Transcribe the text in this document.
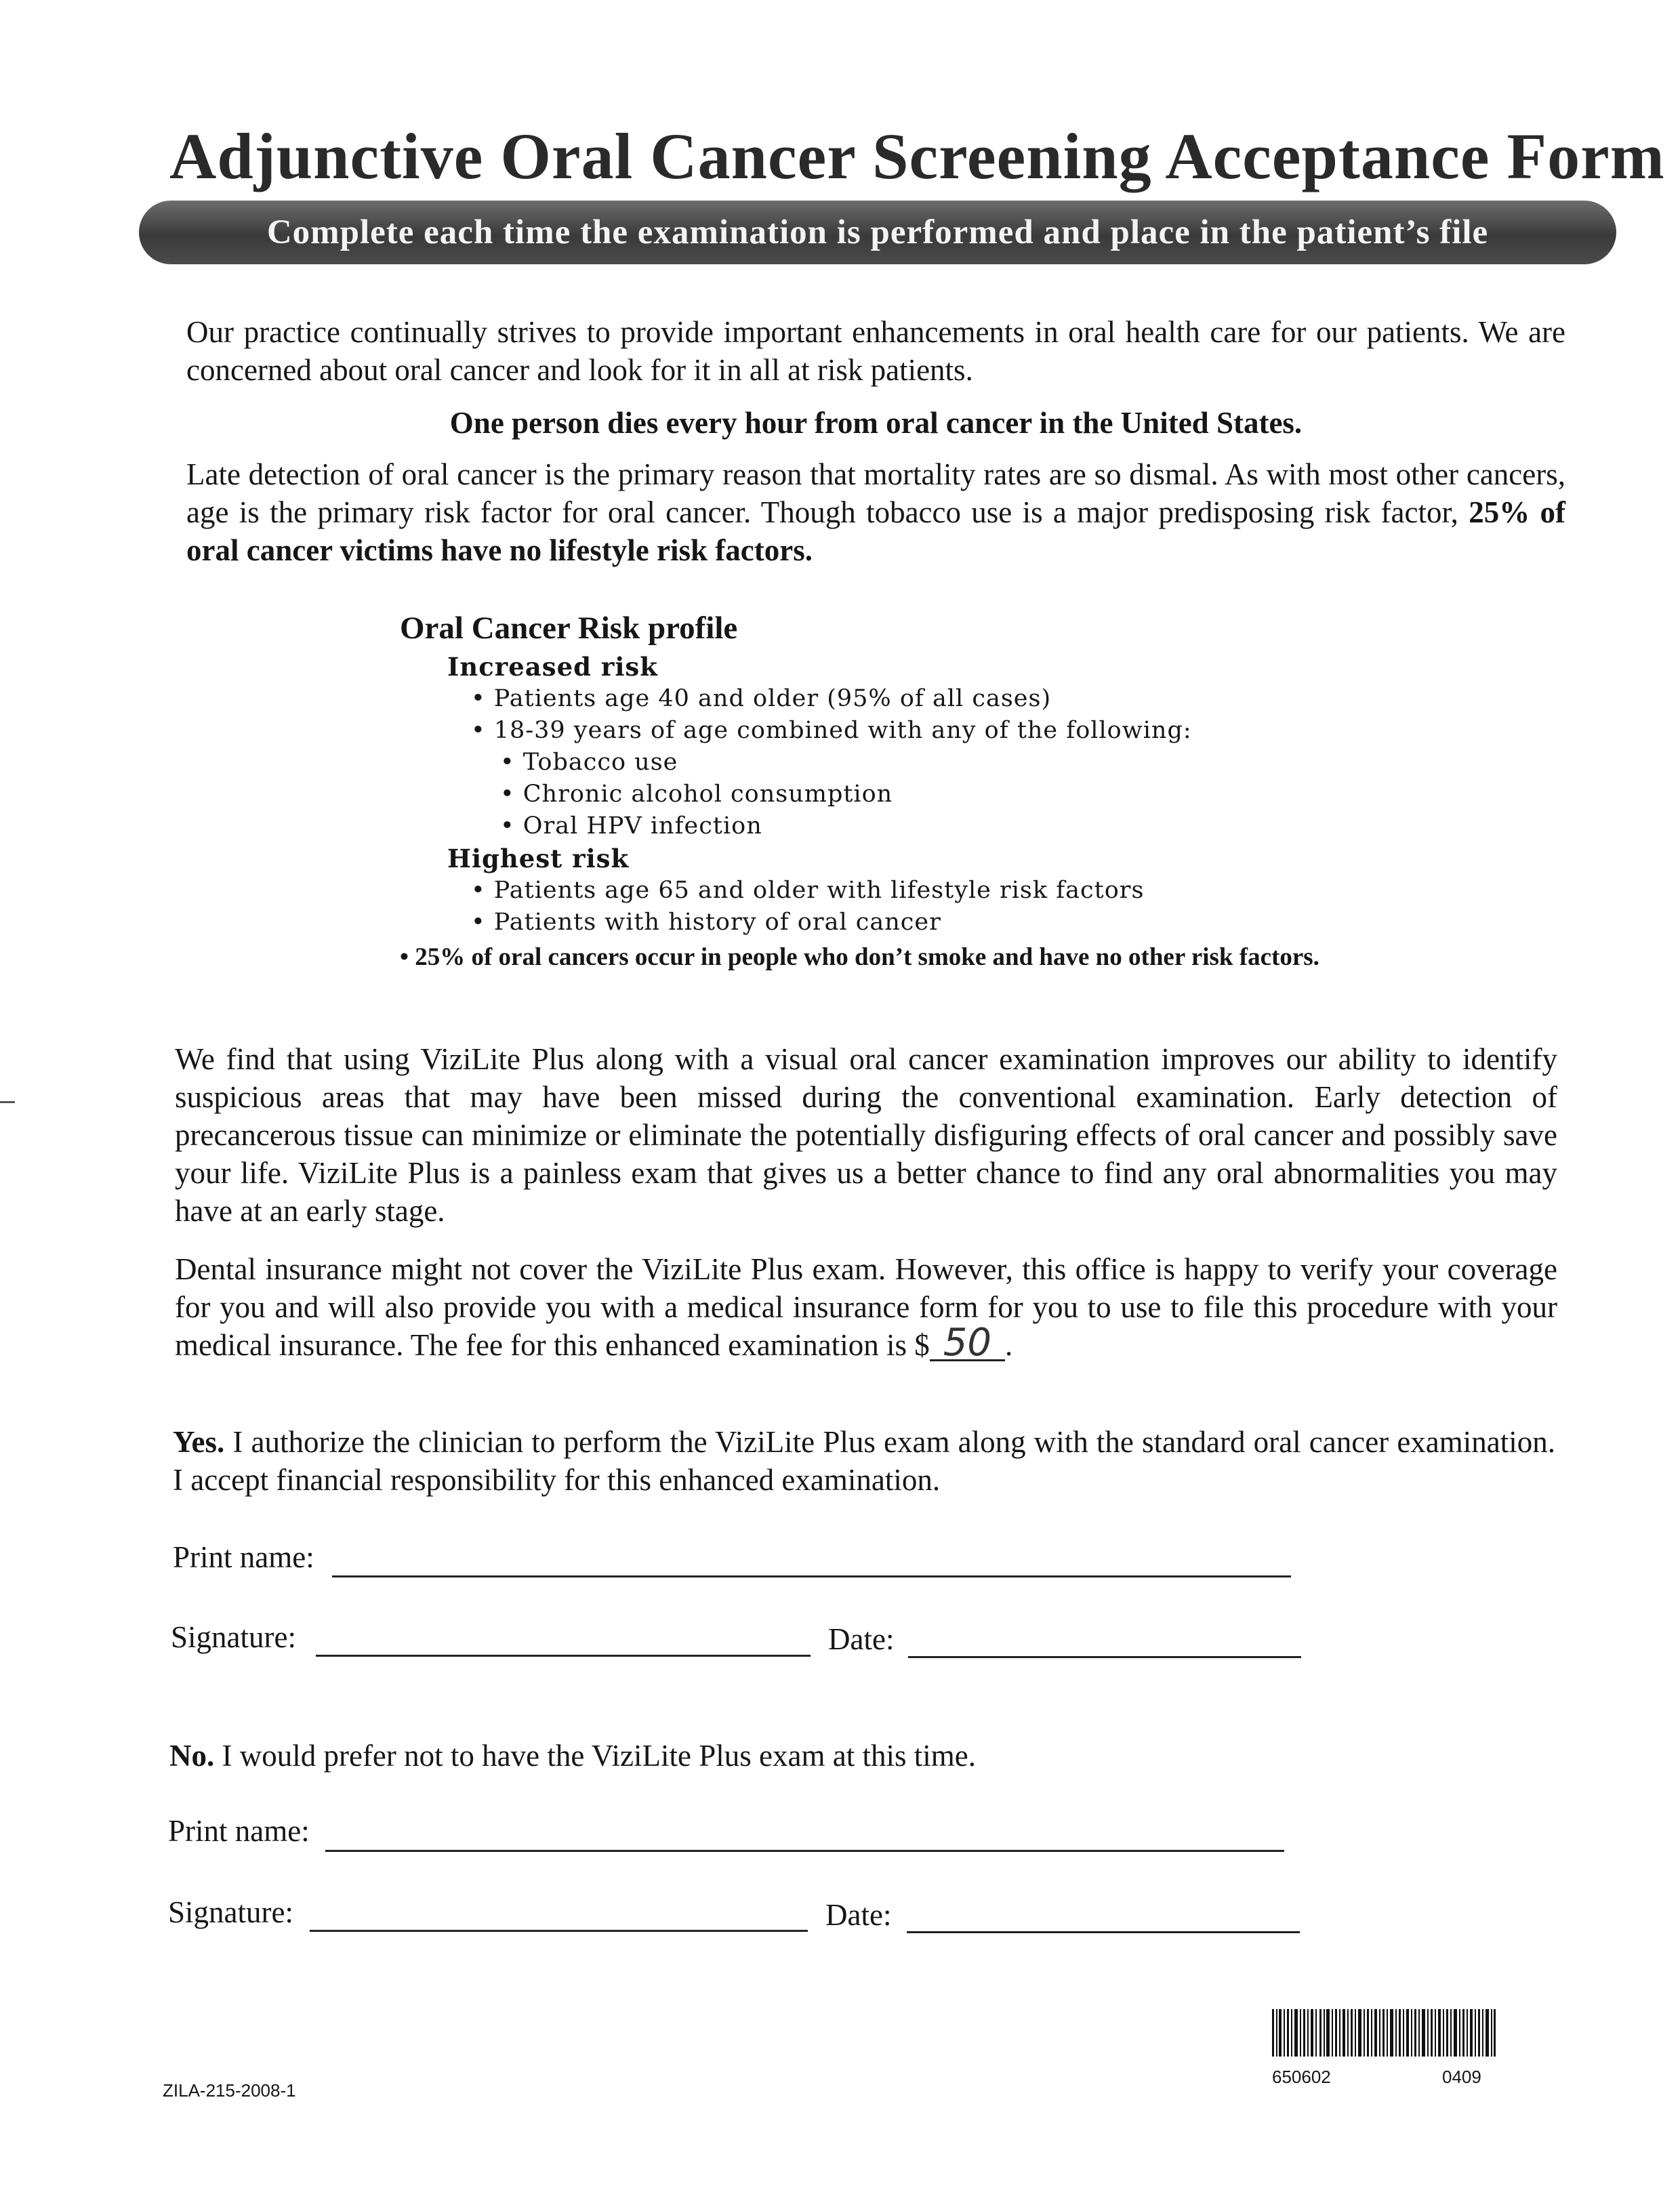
Adjunctive Oral Cancer Screening Acceptance Form
Complete each time the examination is performed and place in the patient’s file

Our practice continually strives to provide important enhancements in oral health care for our patients. We are concerned about oral cancer and look for it in all at risk patients.

One person dies every hour from oral cancer in the United States.

Late detection of oral cancer is the primary reason that mortality rates are so dismal. As with most other cancers, age is the primary risk factor for oral cancer. Though tobacco use is a major predisposing risk factor, 25% of oral cancer victims have no lifestyle risk factors.

Oral Cancer Risk profile

Increased risk

• Patients age 40 and older (95% of all cases)
• 18-39 years of age combined with any of the following:
• Tobacco use
• Chronic alcohol consumption
• Oral HPV infection

Highest risk

• Patients age 65 and older with lifestyle risk factors
• Patients with history of oral cancer

• 25% of oral cancers occur in people who don’t smoke and have no other risk factors.

We find that using ViziLite Plus along with a visual oral cancer examination improves our ability to identify suspicious areas that may have been missed during the conventional examination. Early detection of precancerous tissue can minimize or eliminate the potentially disfiguring effects of oral cancer and possibly save your life. ViziLite Plus is a painless exam that gives us a better chance to find any oral abnormalities you may have at an early stage.

Dental insurance might not cover the ViziLite Plus exam. However, this office is happy to verify your coverage for you and will also provide you with a medical insurance form for you to use to file this procedure with your medical insurance. The fee for this enhanced examination is $ 50 .

Yes. I authorize the clinician to perform the ViziLite Plus exam along with the standard oral cancer examination. I accept financial responsibility for this enhanced examination.

Print name:
Signature:	Date:

No. I would prefer not to have the ViziLite Plus exam at this time.

Print name:
Signature:	Date:
ZILA-215-2008-1
650602	0409
